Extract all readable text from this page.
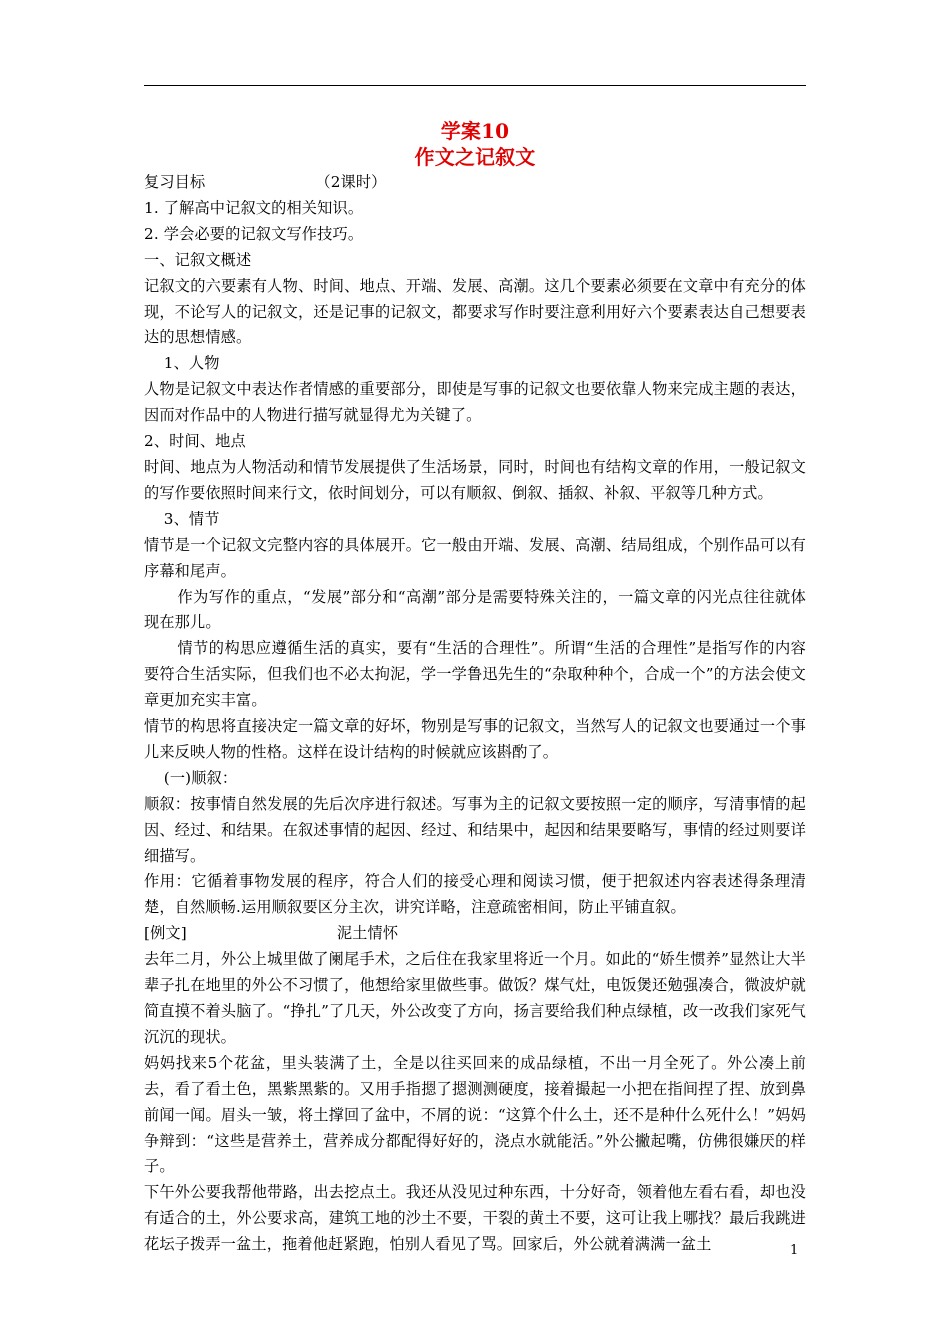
学案10
作文之记叙文
复习目标	（2课时）

1. 了解高中记叙文的相关知识。

2. 学会必要的记叙文写作技巧。

一、记叙文概述

记叙文的六要素有人物、时间、地点、开端、发展、高潮。这几个要素必须要在文章中有充分的体现，不论写人的记叙文，还是记事的记叙文，都要求写作时要注意利用好六个要素表达自己想要表达的思想情感。

1、人物

人物是记叙文中表达作者情感的重要部分，即使是写事的记叙文也要依靠人物来完成主题的表达，因而对作品中的人物进行描写就显得尤为关键了。

2、时间、地点

时间、地点为人物活动和情节发展提供了生活场景，同时，时间也有结构文章的作用，一般记叙文的写作要依照时间来行文，依时间划分，可以有顺叙、倒叙、插叙、补叙、平叙等几种方式。

3、情节

情节是一个记叙文完整内容的具体展开。它一般由开端、发展、高潮、结局组成，个别作品可以有序幕和尾声。

作为写作的重点，“发展”部分和“高潮”部分是需要特殊关注的，一篇文章的闪光点往往就体现在那儿。

情节的构思应遵循生活的真实，要有“生活的合理性”。所谓“生活的合理性”是指写作的内容要符合生活实际，但我们也不必太拘泥，学一学鲁迅先生的“杂取种种个，合成一个”的方法会使文章更加充实丰富。

情节的构思将直接决定一篇文章的好坏，物别是写事的记叙文，当然写人的记叙文也要通过一个事儿来反映人物的性格。这样在设计结构的时候就应该斟酌了。

(一)顺叙：

顺叙：按事情自然发展的先后次序进行叙述。写事为主的记叙文要按照一定的顺序，写清事情的起因、经过、和结果。在叙述事情的起因、经过、和结果中，起因和结果要略写，事情的经过则要详细描写。

作用：它循着事物发展的程序，符合人们的接受心理和阅读习惯，便于把叙述内容表述得条理清楚，自然顺畅.运用顺叙要区分主次，讲究详略，注意疏密相间，防止平铺直叙。

[例文]	泥土情怀

去年二月，外公上城里做了阑尾手术，之后住在我家里将近一个月。如此的“娇生惯养”显然让大半辈子扎在地里的外公不习惯了，他想给家里做些事。做饭？煤气灶，电饭煲还勉强凑合，微波炉就简直摸不着头脑了。“挣扎”了几天，外公改变了方向，扬言要给我们种点绿植，改一改我们家死气沉沉的现状。

妈妈找来5个花盆，里头装满了土，全是以往买回来的成品绿植，不出一月全死了。外公凑上前去，看了看土色，黑紫黑紫的。又用手指摁了摁测测硬度，接着撮起一小把在指间捏了捏、放到鼻前闻一闻。眉头一皱，将土撑回了盆中，不屑的说：“这算个什么土，还不是种什么死什么！”妈妈争辩到：“这些是营养土，营养成分都配得好好的，浇点水就能活。”外公撇起嘴，仿佛很嫌厌的样子。

下午外公要我帮他带路，出去挖点土。我还从没见过种东西，十分好奇，领着他左看右看，却也没有适合的土，外公要求高，建筑工地的沙土不要，干裂的黄土不要，这可让我上哪找？最后我跳进花坛子拨弄一盆土，拖着他赶紧跑，怕别人看见了骂。回家后，外公就着满满一盆土	1
